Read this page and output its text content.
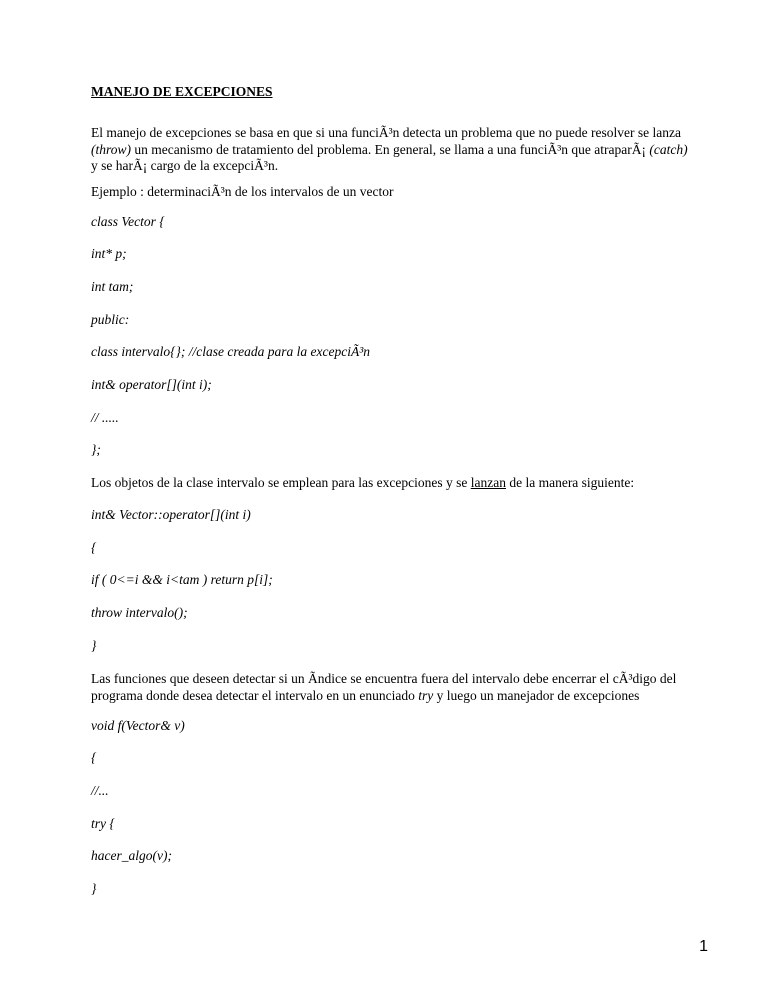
MANEJO DE EXCEPCIONES
El manejo de excepciones se basa en que si una funciÃ³n detecta un problema que no puede resolver se lanza
(throw) un mecanismo de tratamiento del problema. En general, se llama a una funciÃ³n que atraparÃ¡ (catch)
y se harÃ¡ cargo de la excepciÃ³n.
Ejemplo : determinaciÃ³n de los intervalos de un vector
class Vector {
int* p;
int tam;
public:
class intervalo{}; //clase creada para la excepciÃ³n
int& operator[](int i);
// .....
};
Los objetos de la clase intervalo se emplean para las excepciones y se lanzan de la manera siguiente:
int& Vector::operator[](int i)
{
if ( 0<=i && i<tam ) return p[i];
throw intervalo();
}
Las funciones que deseen detectar si un Ãndice se encuentra fuera del intervalo debe encerrar el cÃ³digo del
programa donde desea detectar el intervalo en un enunciado try y luego un manejador de excepciones
void f(Vector& v)
{
//...
try {
hacer_algo(v);
}
1
